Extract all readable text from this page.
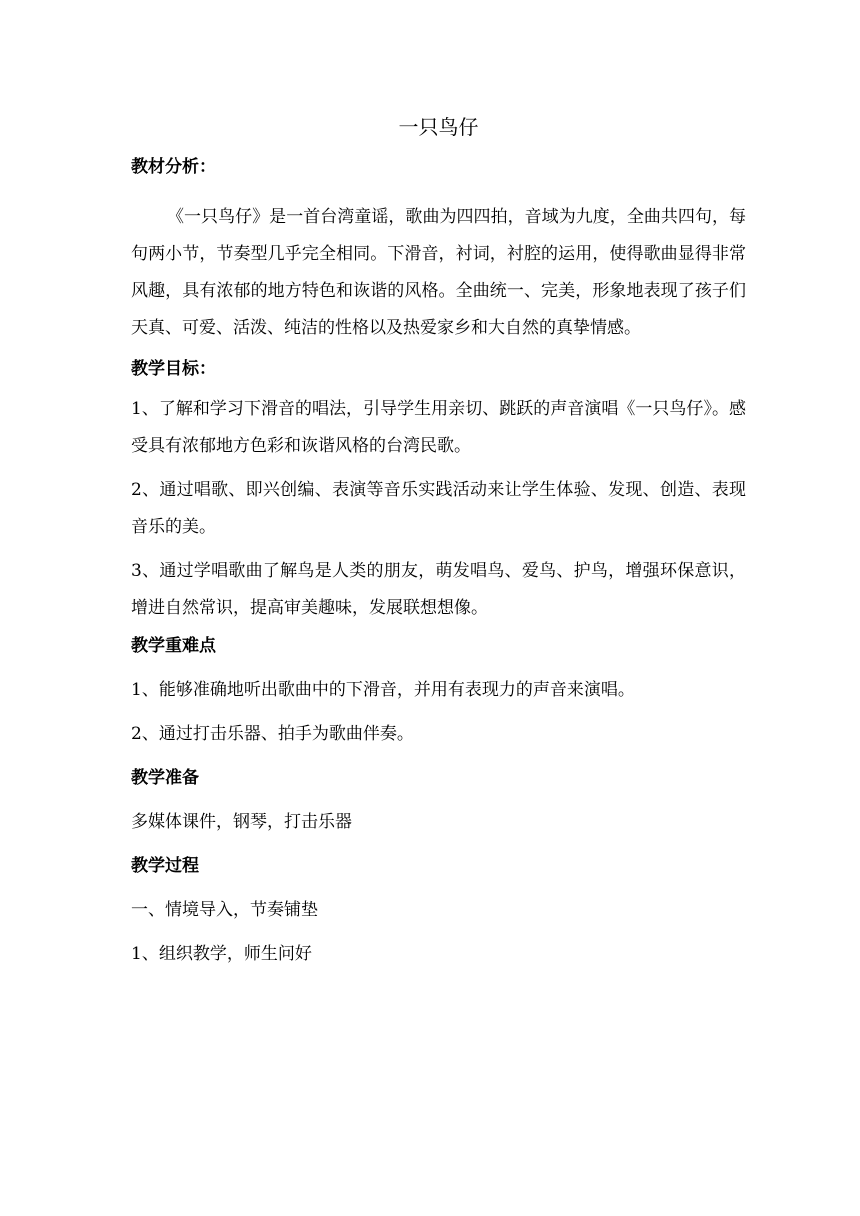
一只鸟仔
教材分析：
《一只鸟仔》是一首台湾童谣，歌曲为四四拍，音域为九度，全曲共四句，每句两小节，节奏型几乎完全相同。下滑音，衬词，衬腔的运用，使得歌曲显得非常风趣，具有浓郁的地方特色和诙谐的风格。全曲统一、完美，形象地表现了孩子们天真、可爱、活泼、纯洁的性格以及热爱家乡和大自然的真挚情感。
教学目标：
1、了解和学习下滑音的唱法，引导学生用亲切、跳跃的声音演唱《一只鸟仔》。感受具有浓郁地方色彩和诙谐风格的台湾民歌。
2、通过唱歌、即兴创编、表演等音乐实践活动来让学生体验、发现、创造、表现音乐的美。
3、通过学唱歌曲了解鸟是人类的朋友，萌发唱鸟、爱鸟、护鸟，增强环保意识，增进自然常识，提高审美趣味，发展联想想像。
教学重难点
1、能够准确地听出歌曲中的下滑音，并用有表现力的声音来演唱。
2、通过打击乐器、拍手为歌曲伴奏。
教学准备
多媒体课件，钢琴，打击乐器
教学过程
一、情境导入，节奏铺垫
1、组织教学，师生问好
